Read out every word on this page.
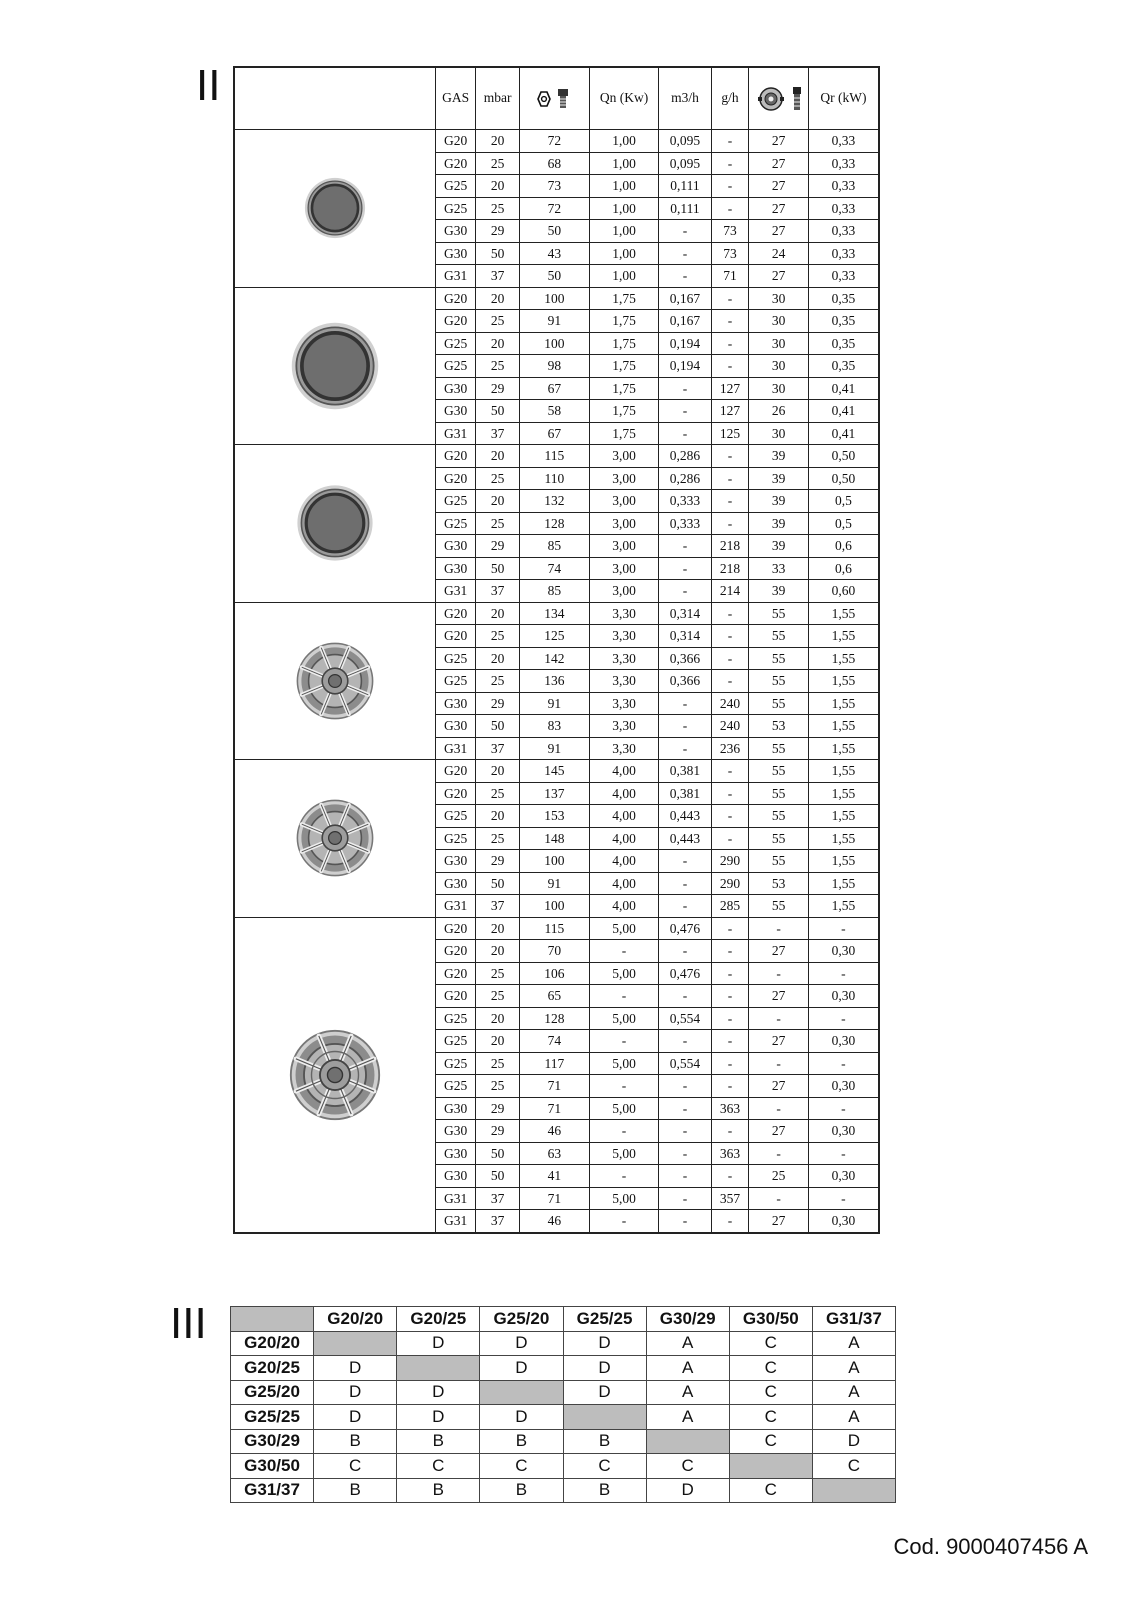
II
III
	GAS	mbar		Qn (Kw)	m3/h	g/h		Qr (kW)

	G20	20	72	1,00	0,095	-	27	0,33
	G20	25	68	1,00	0,095	-	27	0,33
	G25	20	73	1,00	0,111	-	27	0,33
	G25	25	72	1,00	0,111	-	27	0,33
	G30	29	50	1,00	-	73	27	0,33
	G30	50	43	1,00	-	73	24	0,33
	G31	37	50	1,00	-	71	27	0,33

	G20	20	100	1,75	0,167	-	30	0,35
	G20	25	91	1,75	0,167	-	30	0,35
	G25	20	100	1,75	0,194	-	30	0,35
	G25	25	98	1,75	0,194	-	30	0,35
	G30	29	67	1,75	-	127	30	0,41
	G30	50	58	1,75	-	127	26	0,41
	G31	37	67	1,75	-	125	30	0,41

	G20	20	115	3,00	0,286	-	39	0,50
	G20	25	110	3,00	0,286	-	39	0,50
	G25	20	132	3,00	0,333	-	39	0,5
	G25	25	128	3,00	0,333	-	39	0,5
	G30	29	85	3,00	-	218	39	0,6
	G30	50	74	3,00	-	218	33	0,6
	G31	37	85	3,00	-	214	39	0,60

	G20	20	134	3,30	0,314	-	55	1,55
	G20	25	125	3,30	0,314	-	55	1,55
	G25	20	142	3,30	0,366	-	55	1,55
	G25	25	136	3,30	0,366	-	55	1,55
	G30	29	91	3,30	-	240	55	1,55
	G30	50	83	3,30	-	240	53	1,55
	G31	37	91	3,30	-	236	55	1,55

	G20	20	145	4,00	0,381	-	55	1,55
	G20	25	137	4,00	0,381	-	55	1,55
	G25	20	153	4,00	0,443	-	55	1,55
	G25	25	148	4,00	0,443	-	55	1,55
	G30	29	100	4,00	-	290	55	1,55
	G30	50	91	4,00	-	290	53	1,55
	G31	37	100	4,00	-	285	55	1,55

	G20	20	115	5,00	0,476	-	-	-
	G20	20	70	-	-	-	27	0,30
	G20	25	106	5,00	0,476	-	-	-
	G20	25	65	-	-	-	27	0,30
	G25	20	128	5,00	0,554	-	-	-
	G25	20	74	-	-	-	27	0,30
	G25	25	117	5,00	0,554	-	-	-
	G25	25	71	-	-	-	27	0,30
	G30	29	71	5,00	-	363	-	-
	G30	29	46	-	-	-	27	0,30
	G30	50	63	5,00	-	363	-	-
	G30	50	41	-	-	-	25	0,30
	G31	37	71	5,00	-	357	-	-
	G31	37	46	-	-	-	27	0,30
	G20/20	G20/25	G25/20	G25/25	G30/29	G30/50	G31/37
G20/20		D	D	D	A	C	A
G20/25	D		D	D	A	C	A
G25/20	D	D		D	A	C	A
G25/25	D	D	D		A	C	A
G30/29	B	B	B	B		C	D
G30/50	C	C	C	C	C		C
G31/37	B	B	B	B	D	C	
Cod. 9000407456 A
